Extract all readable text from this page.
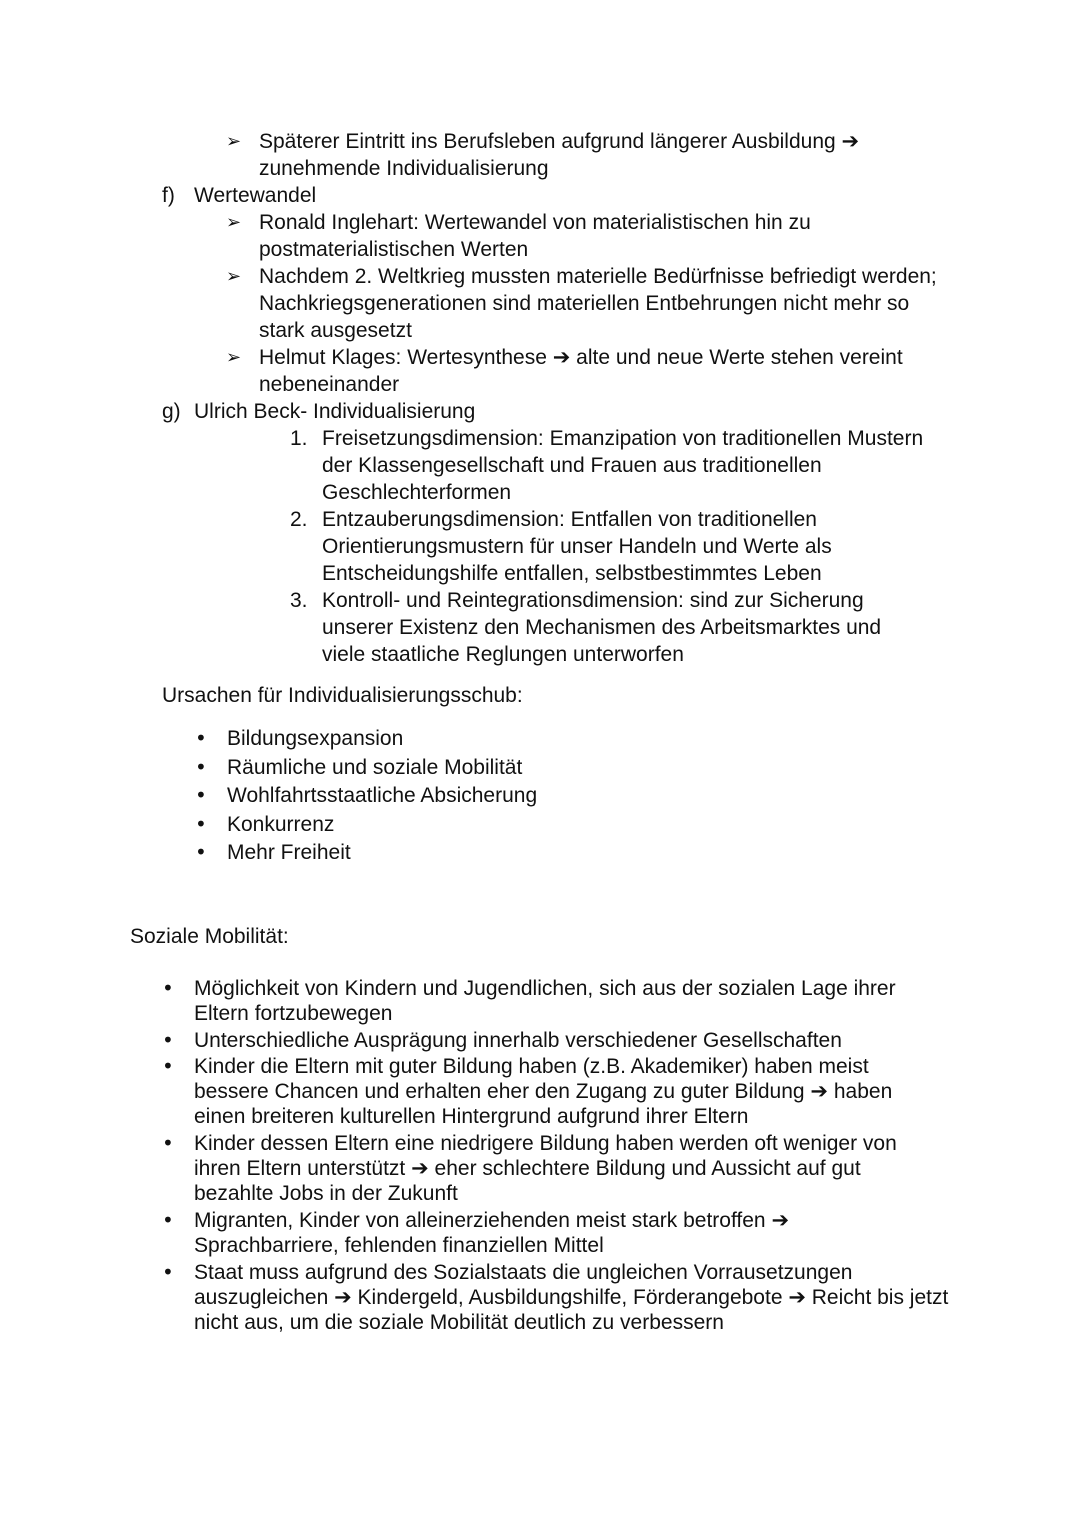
➢ Späterer Eintritt ins Berufsleben aufgrund längerer Ausbildung ➔ zunehmende Individualisierung
f) Wertewandel
➢ Ronald Inglehart: Wertewandel von materialistischen hin zu postmaterialistischen Werten
➢ Nachdem 2. Weltkrieg mussten materielle Bedürfnisse befriedigt werden; Nachkriegsgenerationen sind materiellen Entbehrungen nicht mehr so stark ausgesetzt
➢ Helmut Klages: Wertesynthese ➔ alte und neue Werte stehen vereint nebeneinander
g) Ulrich Beck- Individualisierung
1. Freisetzungsdimension: Emanzipation von traditionellen Mustern der Klassengesellschaft und Frauen aus traditionellen Geschlechterformen
2. Entzauberungsdimension: Entfallen von traditionellen Orientierungsmustern für unser Handeln und Werte als Entscheidungshilfe entfallen, selbstbestimmtes Leben
3. Kontroll- und Reintegrationsdimension: sind zur Sicherung unserer Existenz den Mechanismen des Arbeitsmarktes und viele staatliche Reglungen unterworfen
Ursachen für Individualisierungsschub:
• Bildungsexpansion
• Räumliche und soziale Mobilität
• Wohlfahrtsstaatliche Absicherung
• Konkurrenz
• Mehr Freiheit
Soziale Mobilität:
• Möglichkeit von Kindern und Jugendlichen, sich aus der sozialen Lage ihrer Eltern fortzubewegen
• Unterschiedliche Ausprägung innerhalb verschiedener Gesellschaften
• Kinder die Eltern mit guter Bildung haben (z.B. Akademiker) haben meist bessere Chancen und erhalten eher den Zugang zu guter Bildung ➔ haben einen breiteren kulturellen Hintergrund aufgrund ihrer Eltern
• Kinder dessen Eltern eine niedrigere Bildung haben werden oft weniger von ihren Eltern unterstützt ➔ eher schlechtere Bildung und Aussicht auf gut bezahlte Jobs in der Zukunft
• Migranten, Kinder von alleinerziehenden meist stark betroffen ➔ Sprachbarriere, fehlenden finanziellen Mittel
• Staat muss aufgrund des Sozialstaats die ungleichen Vorrausetzungen auszugleichen ➔ Kindergeld, Ausbildungshilfe, Förderangebote ➔ Reicht bis jetzt nicht aus, um die soziale Mobilität deutlich zu verbessern
